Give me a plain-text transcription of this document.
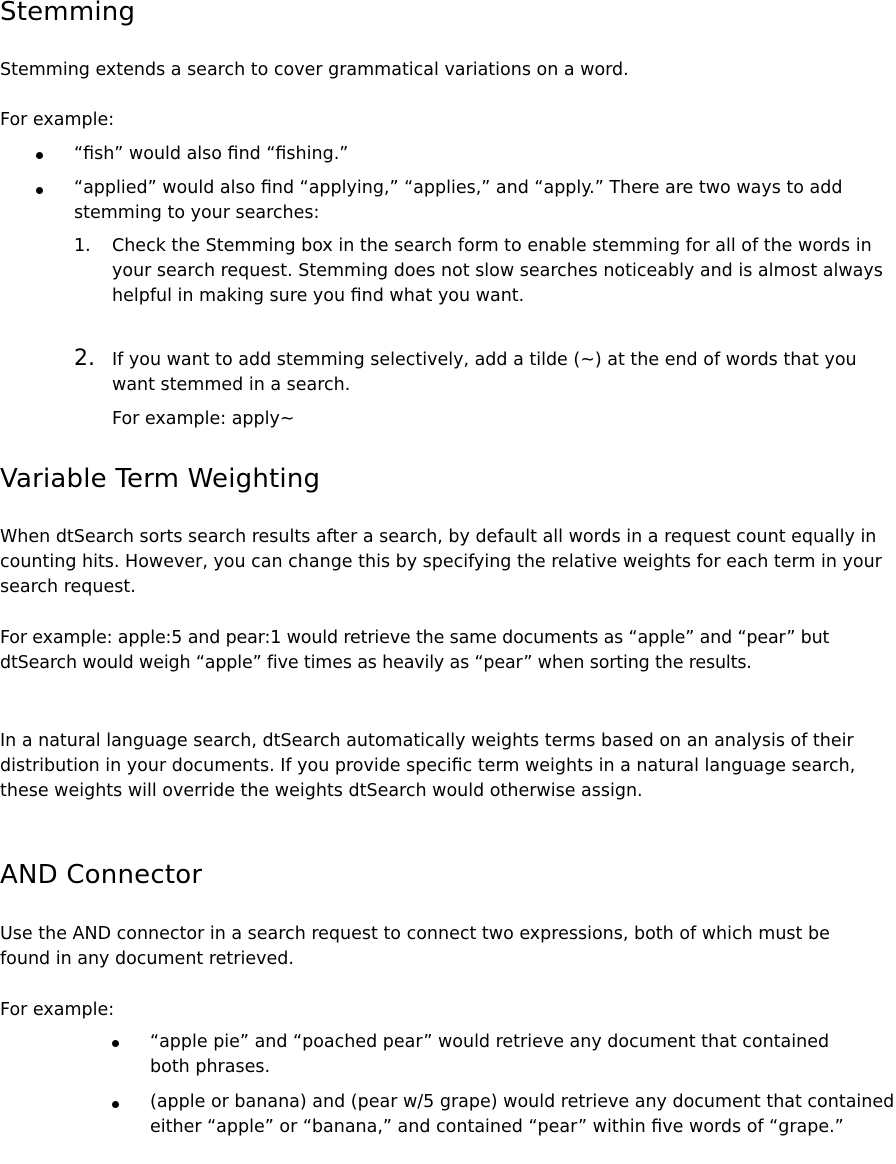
Stemming

Stemming extends a search to cover grammatical variations on a word.

For example:

“fish” would also find “fishing.”

“applied” would also find “applying,” “applies,” and “apply.” There are two ways to add stemming to your searches:

1. Check the Stemming box in the search form to enable stemming for all of the words in your search request. Stemming does not slow searches noticeably and is almost always helpful in making sure you find what you want.

2. If you want to add stemming selectively, add a tilde (~) at the end of words that you want stemmed in a search.

For example: apply~

Variable Term Weighting

When dtSearch sorts search results after a search, by default all words in a request count equally in counting hits. However, you can change this by specifying the relative weights for each term in your search request.

For example: apple:5 and pear:1 would retrieve the same documents as “apple” and “pear” but dtSearch would weigh “apple” five times as heavily as “pear” when sorting the results.

In a natural language search, dtSearch automatically weights terms based on an analysis of their distribution in your documents. If you provide specific term weights in a natural language search, these weights will override the weights dtSearch would otherwise assign.

AND Connector

Use the AND connector in a search request to connect two expressions, both of which must be found in any document retrieved.

For example:

“apple pie” and “poached pear” would retrieve any document that contained both phrases.

(apple or banana) and (pear w/5 grape) would retrieve any document that contained either “apple” or “banana,” and contained “pear” within five words of “grape.”
